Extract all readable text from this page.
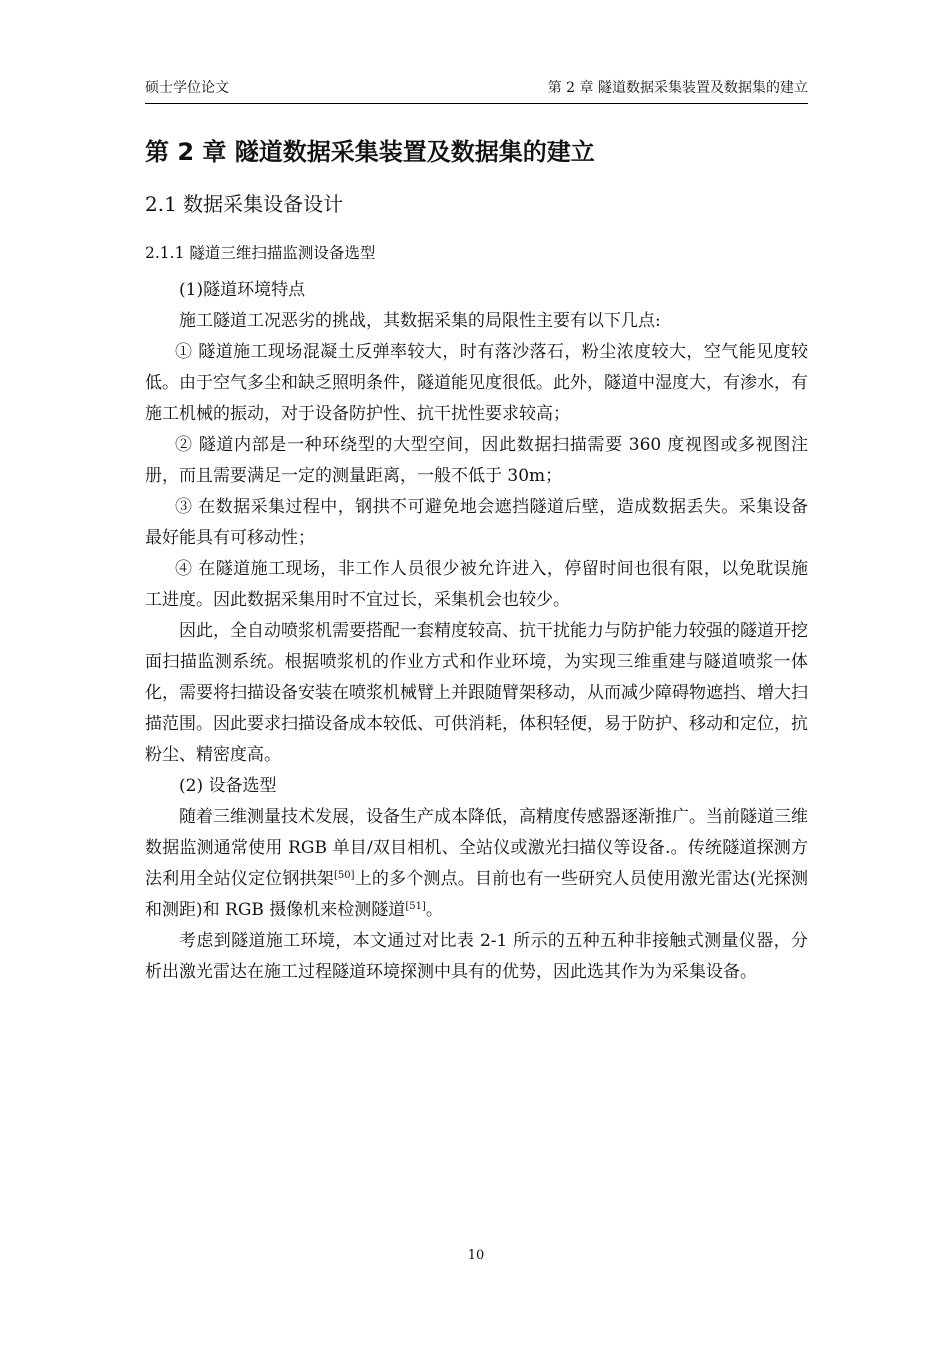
硕士学位论文	第 2 章 隧道数据采集装置及数据集的建立
第 2 章 隧道数据采集装置及数据集的建立
2.1 数据采集设备设计
2.1.1 隧道三维扫描监测设备选型

(1)隧道环境特点

施工隧道工况恶劣的挑战，其数据采集的局限性主要有以下几点:

① 隧道施工现场混凝土反弹率较大，时有落沙落石，粉尘浓度较大，空气能见度较低。由于空气多尘和缺乏照明条件，隧道能见度很低。此外，隧道中湿度大，有渗水，有施工机械的振动，对于设备防护性、抗干扰性要求较高；

② 隧道内部是一种环绕型的大型空间，因此数据扫描需要 360 度视图或多视图注册，而且需要满足一定的测量距离，一般不低于 30m；

③ 在数据采集过程中，钢拱不可避免地会遮挡隧道后壁，造成数据丢失。采集设备最好能具有可移动性；

④ 在隧道施工现场，非工作人员很少被允许进入，停留时间也很有限，以免耽误施工进度。因此数据采集用时不宜过长，采集机会也较少。

因此，全自动喷浆机需要搭配一套精度较高、抗干扰能力与防护能力较强的隧道开挖面扫描监测系统。根据喷浆机的作业方式和作业环境，为实现三维重建与隧道喷浆一体化，需要将扫描设备安装在喷浆机械臂上并跟随臂架移动，从而减少障碍物遮挡、增大扫描范围。因此要求扫描设备成本较低、可供消耗，体积轻便，易于防护、移动和定位，抗粉尘、精密度高。

(2) 设备选型

随着三维测量技术发展，设备生产成本降低，高精度传感器逐渐推广。当前隧道三维数据监测通常使用 RGB 单目/双目相机、全站仪或激光扫描仪等设备.。传统隧道探测方法利用全站仪定位钢拱架[50]上的多个测点。目前也有一些研究人员使用激光雷达(光探测和测距)和 RGB 摄像机来检测隧道[51]。

考虑到隧道施工环境，本文通过对比表 2-1 所示的五种五种非接触式测量仪器，分析出激光雷达在施工过程隧道环境探测中具有的优势，因此选其作为为采集设备。

10
